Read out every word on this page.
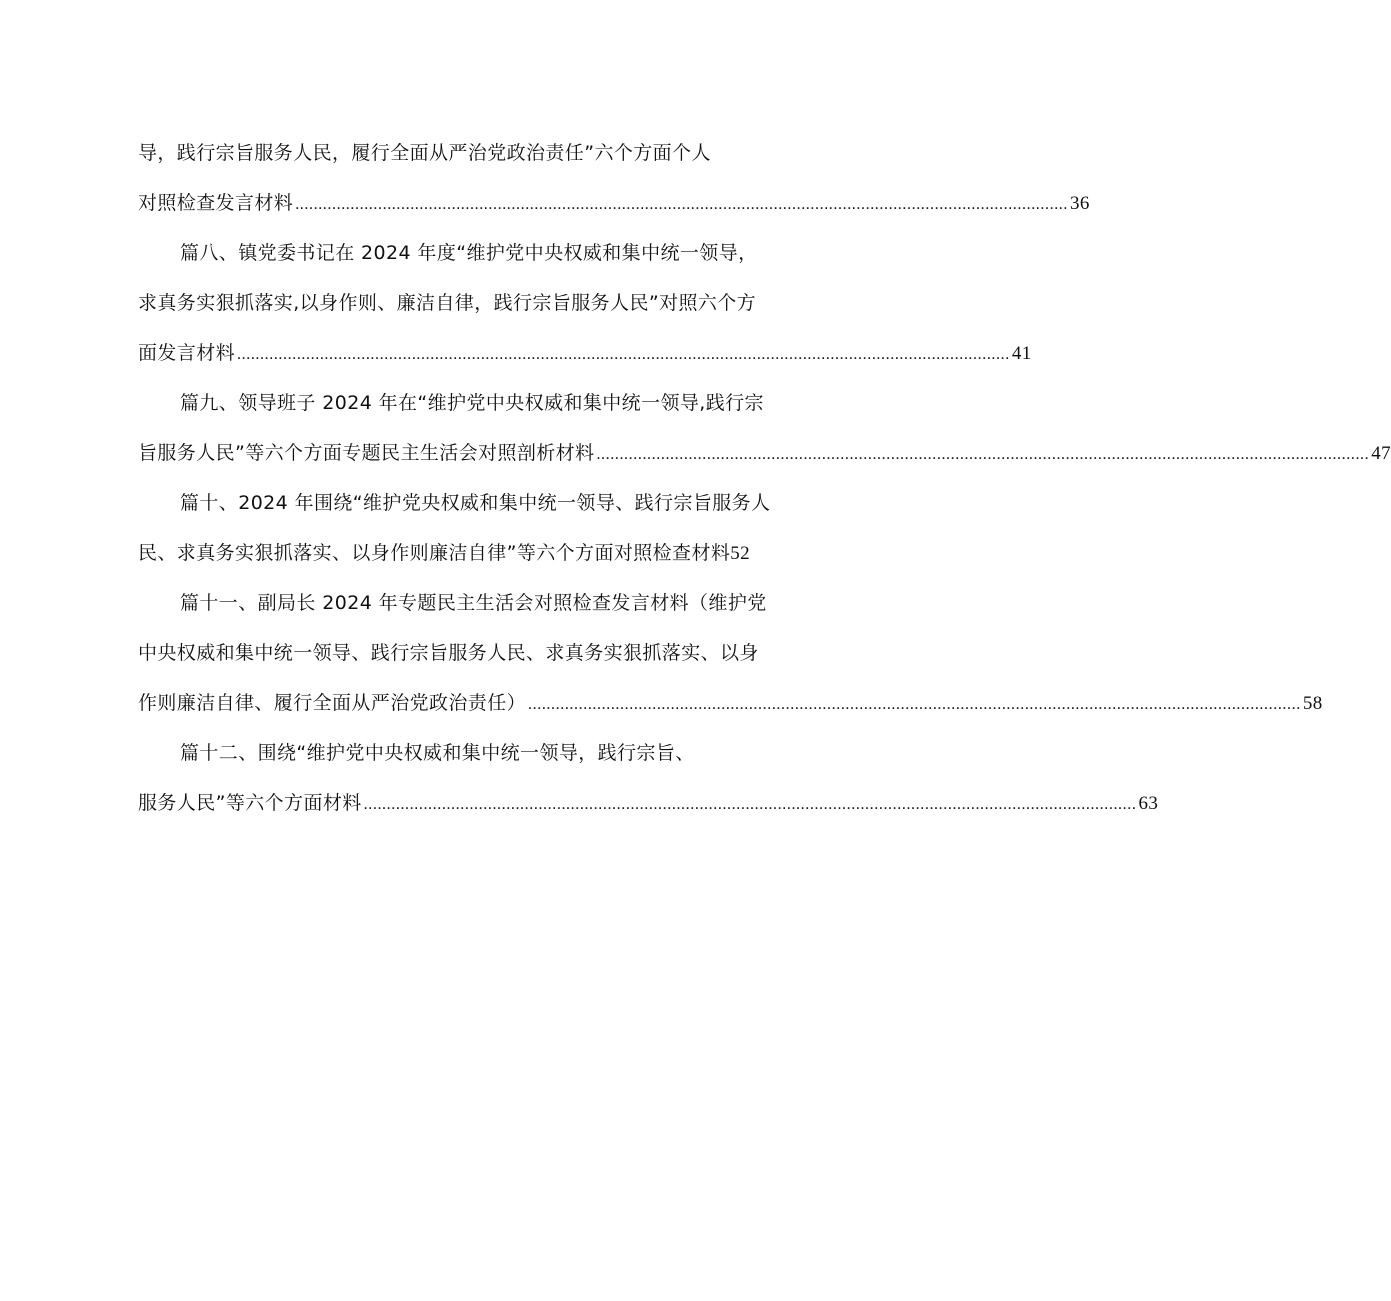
导，践行宗旨服务人民，履行全面从严治党政治责任”六个方面个人
对照检查发言材料 ........................................................................................................................................................................ 36
篇八、镇党委书记在 2024 年度“维护党中央权威和集中统一领导，
求真务实狠抓落实,以身作则、廉洁自律，践行宗旨服务人民”对照六个方
面发言材料 ........................................................................................................................................................................ 41
篇九、领导班子 2024 年在“维护党中央权威和集中统一领导,践行宗
旨服务人民”等六个方面专题民主生活会对照剖析材料 ........................................................................................................................................................................ 47
篇十、2024 年围绕“维护党央权威和集中统一领导、践行宗旨服务人
民、求真务实狠抓落实、以身作则廉洁自律”等六个方面对照检查材料52
篇十一、副局长 2024 年专题民主生活会对照检查发言材料（维护党
中央权威和集中统一领导、践行宗旨服务人民、求真务实狠抓落实、以身
作则廉洁自律、履行全面从严治党政治责任） ........................................................................................................................................................................ 58
篇十二、围绕“维护党中央权威和集中统一领导，践行宗旨、
服务人民”等六个方面材料 ........................................................................................................................................................................ 63
